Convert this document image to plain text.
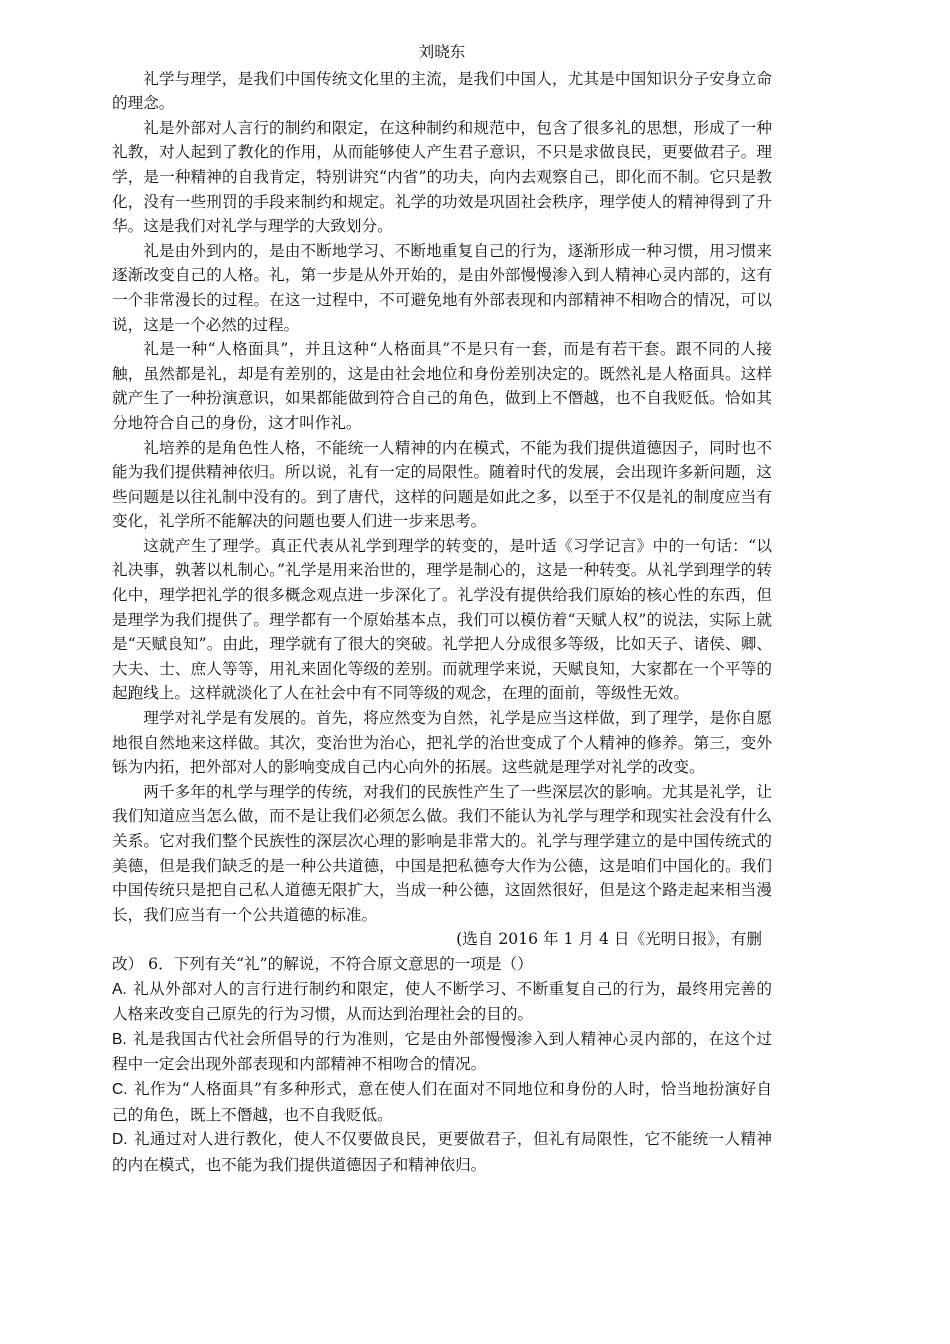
刘晓东

礼学与理学，是我们中国传统文化里的主流，是我们中国人，尤其是中国知识分子安身立命的理念。

礼是外部对人言行的制约和限定，在这种制约和规范中，包含了很多礼的思想，形成了一种礼教，对人起到了教化的作用，从而能够使人产生君子意识，不只是求做良民，更要做君子。理学，是一种精神的自我肯定，特别讲究“内省”的功夫，向内去观察自己，即化而不制。它只是教化，没有一些刑罚的手段来制约和规定。礼学的功效是巩固社会秩序，理学使人的精神得到了升华。这是我们对礼学与理学的大致划分。

礼是由外到内的，是由不断地学习、不断地重复自己的行为，逐渐形成一种习惯，用习惯来逐渐改变自己的人格。礼，第一步是从外开始的，是由外部慢慢渗入到人精神心灵内部的，这有一个非常漫长的过程。在这一过程中，不可避免地有外部表现和内部精神不相吻合的情况，可以说，这是一个必然的过程。

礼是一种“人格面具”，并且这种“人格面具”不是只有一套，而是有若干套。跟不同的人接触，虽然都是礼，却是有差别的，这是由社会地位和身份差别决定的。既然礼是人格面具。这样就产生了一种扮演意识，如果都能做到符合自己的角色，做到上不僭越，也不自我贬低。恰如其分地符合自己的身份，这才叫作礼。

礼培养的是角色性人格，不能统一人精神的内在模式，不能为我们提供道德因子，同时也不能为我们提供精神依归。所以说，礼有一定的局限性。随着时代的发展，会出现许多新问题，这些问题是以往礼制中没有的。到了唐代，这样的问题是如此之多，以至于不仅是礼的制度应当有变化，礼学所不能解决的问题也要人们进一步来思考。

这就产生了理学。真正代表从礼学到理学的转变的，是叶适《习学记言》中的一句话：“以礼决事，孰著以札制心。”礼学是用来治世的，理学是制心的，这是一种转变。从礼学到理学的转化中，理学把礼学的很多概念观点进一步深化了。礼学没有提供给我们原始的核心性的东西，但是理学为我们提供了。理学都有一个原始基本点，我们可以模仿着“天赋人权”的说法，实际上就是“天赋良知”。由此，理学就有了很大的突破。礼学把人分成很多等级，比如天子、诸侯、卿、大夫、士、庶人等等，用礼来固化等级的差别。而就理学来说，天赋良知，大家都在一个平等的起跑线上。这样就淡化了人在社会中有不同等级的观念，在理的面前，等级性无效。

理学对礼学是有发展的。首先，将应然变为自然，礼学是应当这样做，到了理学，是你自愿地很自然地来这样做。其次，变治世为治心，把礼学的治世变成了个人精神的修养。第三，变外铄为内拓，把外部对人的影响变成自己内心向外的拓展。这些就是理学对礼学的改变。

两千多年的札学与理学的传统，对我们的民族性产生了一些深层次的影响。尤其是礼学，让我们知道应当怎么做，而不是让我们必须怎么做。我们不能认为礼学与理学和现实社会没有什么关系。它对我们整个民族性的深层次心理的影响是非常大的。礼学与理学建立的是中国传统式的美德，但是我们缺乏的是一种公共道德，中国是把私德夸大作为公德，这是咱们中国化的。我们中国传统只是把自己私人道德无限扩大，当成一种公德，这固然很好，但是这个路走起来相当漫长，我们应当有一个公共道德的标准。

(选自 2016 年 1 月 4 日《光明日报》，有删
改） 6．下列有关“礼”的解说，不符合原文意思的一项是（）
A. 礼从外部对人的言行进行制约和限定，使人不断学习、不断重复自己的行为，最终用完善的人格来改变自己原先的行为习惯，从而达到治理社会的目的。
B. 礼是我国古代社会所倡导的行为准则，它是由外部慢慢渗入到人精神心灵内部的，在这个过程中一定会出现外部表现和内部精神不相吻合的情况。
C. 礼作为“人格面具”有多种形式，意在使人们在面对不同地位和身份的人时，恰当地扮演好自己的角色，既上不僭越，也不自我贬低。
D. 礼通过对人进行教化，使人不仅要做良民，更要做君子，但礼有局限性，它不能统一人精神的内在模式，也不能为我们提供道德因子和精神依归。
